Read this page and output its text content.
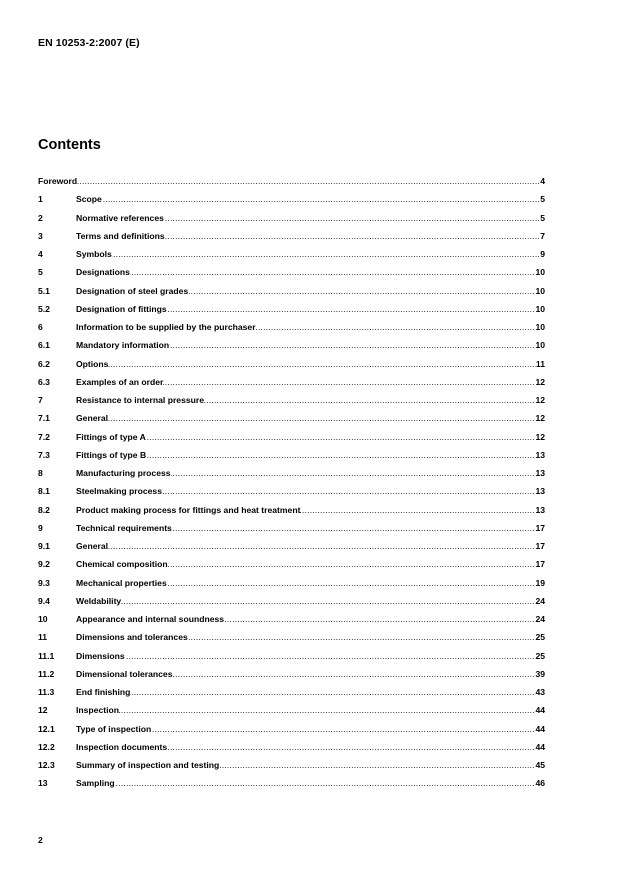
EN 10253-2:2007 (E)
Contents
.....
Foreword	4
1 .....	Scope	5
2 .....	Normative references	5
3 .....	Terms and definitions	7
4 .....	Symbols	9
5 .....	Designations	10
5.1 .....	Designation of steel grades	10
5.2 .....	Designation of fittings	10
6 .....	Information to be supplied by the purchaser	10
6.1 .....	Mandatory information	10
6.2 .....	Options	11
6.3 .....	Examples of an order	12
7 .....	Resistance to internal pressure	12
7.1 .....	General	12
7.2 .....	Fittings of type A	12
7.3 .....	Fittings of type B	13
8 .....	Manufacturing process	13
8.1 .....	Steelmaking process	13
8.2 .....	Product making process for fittings and heat treatment	13
9 .....	Technical requirements	17
9.1 .....	General	17
9.2 .....	Chemical composition	17
9.3 .....	Mechanical properties	19
9.4 .....	Weldability	24
10 .....	Appearance and internal soundness	24
11 .....	Dimensions and tolerances	25
11.1 .....	Dimensions	25
11.2 .....	Dimensional tolerances	39
11.3 .....	End finishing	43
12 .....	Inspection	44
12.1 .....	Type of inspection	44
12.2 .....	Inspection documents	44
12.3 .....	Summary of inspection and testing	45
13 .....	Sampling	46
2
